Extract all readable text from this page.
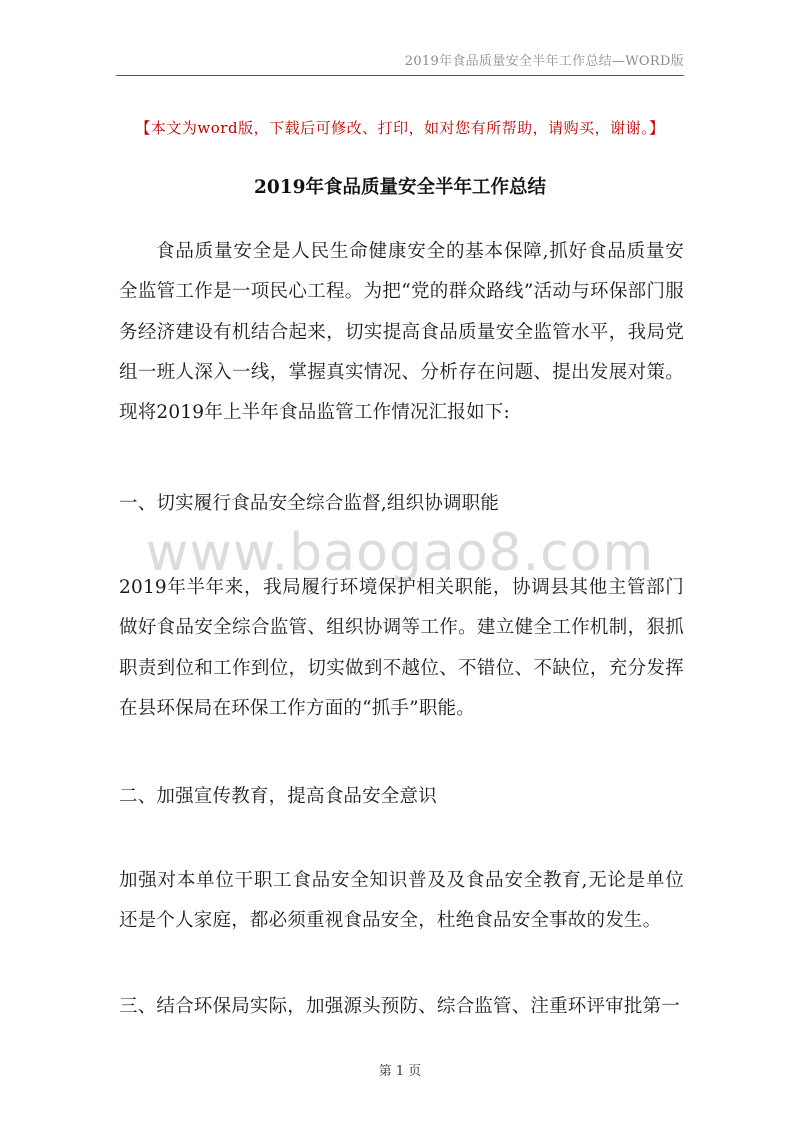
2019年食品质量安全半年工作总结—WORD版
【本文为word版，下载后可修改、打印，如对您有所帮助，请购买，谢谢。】
2019年食品质量安全半年工作总结
食品质量安全是人民生命健康安全的基本保障,抓好食品质量安全监管工作是一项民心工程。为把“党的群众路线”活动与环保部门服务经济建设有机结合起来，切实提高食品质量安全监管水平，我局党组一班人深入一线，掌握真实情况、分析存在问题、提出发展对策。现将2019年上半年食品监管工作情况汇报如下:
一、切实履行食品安全综合监督,组织协调职能
www.baogao8.com
2019年半年来，我局履行环境保护相关职能，协调县其他主管部门做好食品安全综合监管、组织协调等工作。建立健全工作机制，狠抓职责到位和工作到位，切实做到不越位、不错位、不缺位，充分发挥在县环保局在环保工作方面的“抓手”职能。
二、加强宣传教育，提高食品安全意识
加强对本单位干职工食品安全知识普及及食品安全教育,无论是单位还是个人家庭，都必须重视食品安全，杜绝食品安全事故的发生。
三、结合环保局实际，加强源头预防、综合监管、注重环评审批第一
第 1 页
